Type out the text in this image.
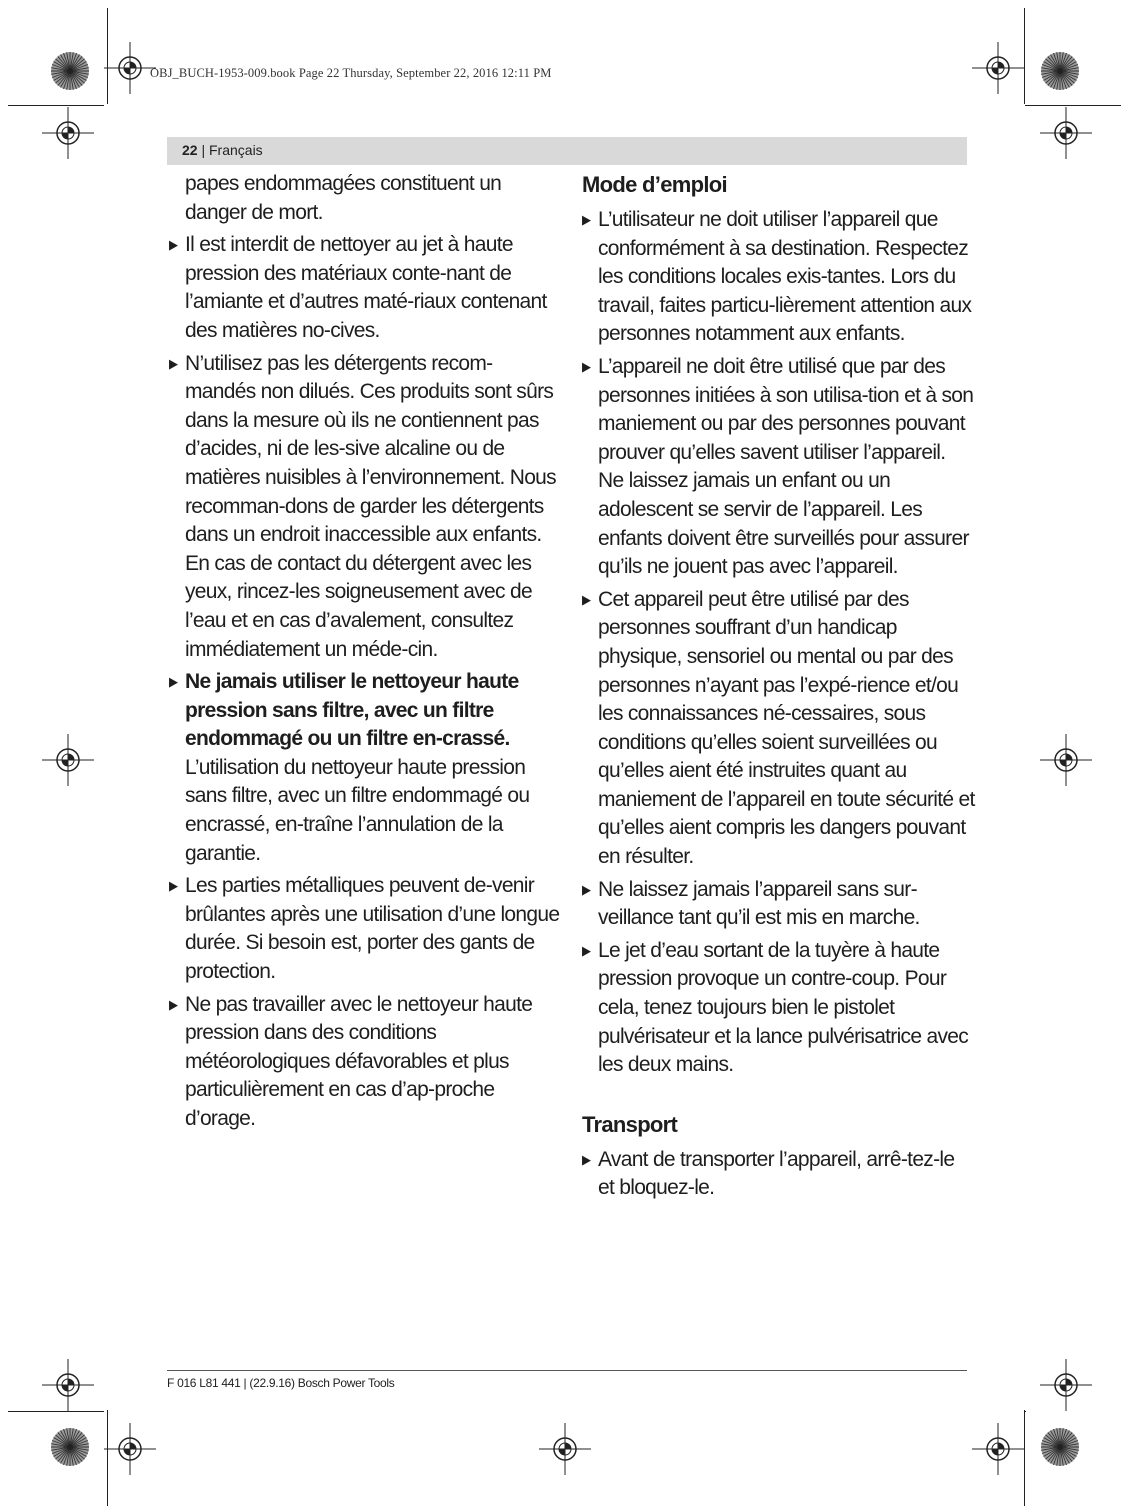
OBJ_BUCH-1953-009.book Page 22 Thursday, September 22, 2016 12:11 PM
22 | Français

papes endommagées constituent un danger de mort.

▶ Il est interdit de nettoyer au jet à haute pression des matériaux conte-nant de l’amiante et d’autres maté-riaux contenant des matières no-cives.
▶ N’utilisez pas les détergents recom-mandés non dilués. Ces produits sont sûrs dans la mesure où ils ne contiennent pas d’acides, ni de les-sive alcaline ou de matières nuisibles à l’environnement. Nous recomman-dons de garder les détergents dans un endroit inaccessible aux enfants. En cas de contact du détergent avec les yeux, rincez-les soigneusement avec de l’eau et en cas d’avalement, consultez immédiatement un méde-cin.
▶ Ne jamais utiliser le nettoyeur haute pression sans filtre, avec un filtre endommagé ou un filtre en-crassé. L’utilisation du nettoyeur haute pression sans filtre, avec un filtre endommagé ou encrassé, en-traîne l’annulation de la garantie.
▶ Les parties métalliques peuvent de-venir brûlantes après une utilisation d’une longue durée. Si besoin est, porter des gants de protection.
▶ Ne pas travailler avec le nettoyeur haute pression dans des conditions météorologiques défavorables et plus particulièrement en cas d’ap-proche d’orage.
Mode d’emploi
▶ L’utilisateur ne doit utiliser l’appareil que conformément à sa destination. Respectez les conditions locales exis-tantes. Lors du travail, faites particu-lièrement attention aux personnes notamment aux enfants.
▶ L’appareil ne doit être utilisé que par des personnes initiées à son utilisa-tion et à son maniement ou par des personnes pouvant prouver qu’elles savent utiliser l’appareil. Ne laissez jamais un enfant ou un adolescent se servir de l’appareil. Les enfants doivent être surveillés pour assurer qu’ils ne jouent pas avec l’appareil.
▶ Cet appareil peut être utilisé par des personnes souffrant d’un handicap physique, sensoriel ou mental ou par des personnes n’ayant pas l’expé-rience et/ou les connaissances né-cessaires, sous conditions qu’elles soient surveillées ou qu’elles aient été instruites quant au maniement de l’appareil en toute sécurité et qu’elles aient compris les dangers pouvant en résulter.
▶ Ne laissez jamais l’appareil sans sur-veillance tant qu’il est mis en marche.
▶ Le jet d’eau sortant de la tuyère à haute pression provoque un contre-coup. Pour cela, tenez toujours bien le pistolet pulvérisateur et la lance pulvérisatrice avec les deux mains.
Transport
▶ Avant de transporter l’appareil, arrê-tez-le et bloquez-le.
F 016 L81 441 | (22.9.16) Bosch Power Tools
